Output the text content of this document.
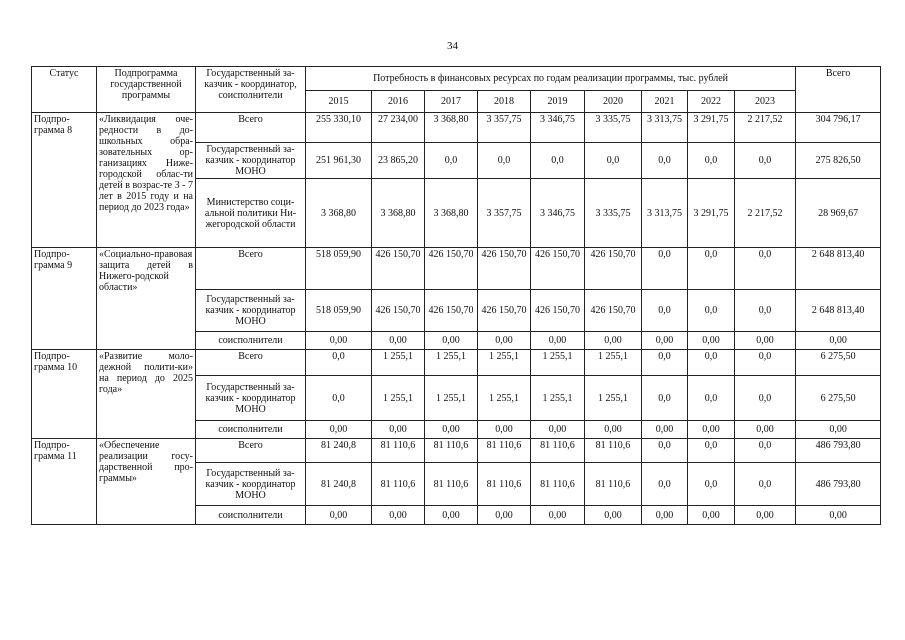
34
Статус	Подпрограмма государственной программы	Государственный за-казчик - координатор, соисполнители	Потребность в финансовых ресурсах по годам реализации программы, тыс. рублей									Всего
			2015	2016	2017	2018	2019	2020	2021	2022	2023	
Подпро-грамма 8	«Ликвидация оче-редности в до-школьных обра-зовательных ор-ганизациях Ниже-городской облас-ти детей в возрас-те 3 - 7 лет в 2015 году и на период до 2023 года»	Всего	255 330,10	27 234,00	3 368,80	3 357,75	3 346,75	3 335,75	3 313,75	3 291,75	2 217,52	304 796,17
		Государственный за-казчик - координатор МОНО	251 961,30	23 865,20	0,0	0,0	0,0	0,0	0,0	0,0	0,0	275 826,50
		Министерство соци-альной политики Ни-жегородской области	3 368,80	3 368,80	3 368,80	3 357,75	3 346,75	3 335,75	3 313,75	3 291,75	2 217,52	28 969,67
Подпро-грамма 9	«Социально-правовая защита детей в Нижего-родской области»	Всего	518 059,90	426 150,70	426 150,70	426 150,70	426 150,70	426 150,70	0,0	0,0	0,0	2 648 813,40
		Государственный за-казчик - координатор МОНО	518 059,90	426 150,70	426 150,70	426 150,70	426 150,70	426 150,70	0,0	0,0	0,0	2 648 813,40
		соисполнители	0,00	0,00	0,00	0,00	0,00	0,00	0,00	0,00	0,00	0,00
Подпро-грамма 10	«Развитие моло-дежной полити-ки» на период до 2025 года»	Всего	0,0	1 255,1	1 255,1	1 255,1	1 255,1	1 255,1	0,0	0,0	0,0	6 275,50
		Государственный за-казчик - координатор МОНО	0,0	1 255,1	1 255,1	1 255,1	1 255,1	1 255,1	0,0	0,0	0,0	6 275,50
		соисполнители	0,00	0,00	0,00	0,00	0,00	0,00	0,00	0,00	0,00	0,00
Подпро-грамма 11	«Обеспечение реализации госу-дарственной про-граммы»	Всего	81 240,8	81 110,6	81 110,6	81 110,6	81 110,6	81 110,6	0,0	0,0	0,0	486 793,80
		Государственный за-казчик - координатор МОНО	81 240,8	81 110,6	81 110,6	81 110,6	81 110,6	81 110,6	0,0	0,0	0,0	486 793,80
		соисполнители	0,00	0,00	0,00	0,00	0,00	0,00	0,00	0,00	0,00	0,00
